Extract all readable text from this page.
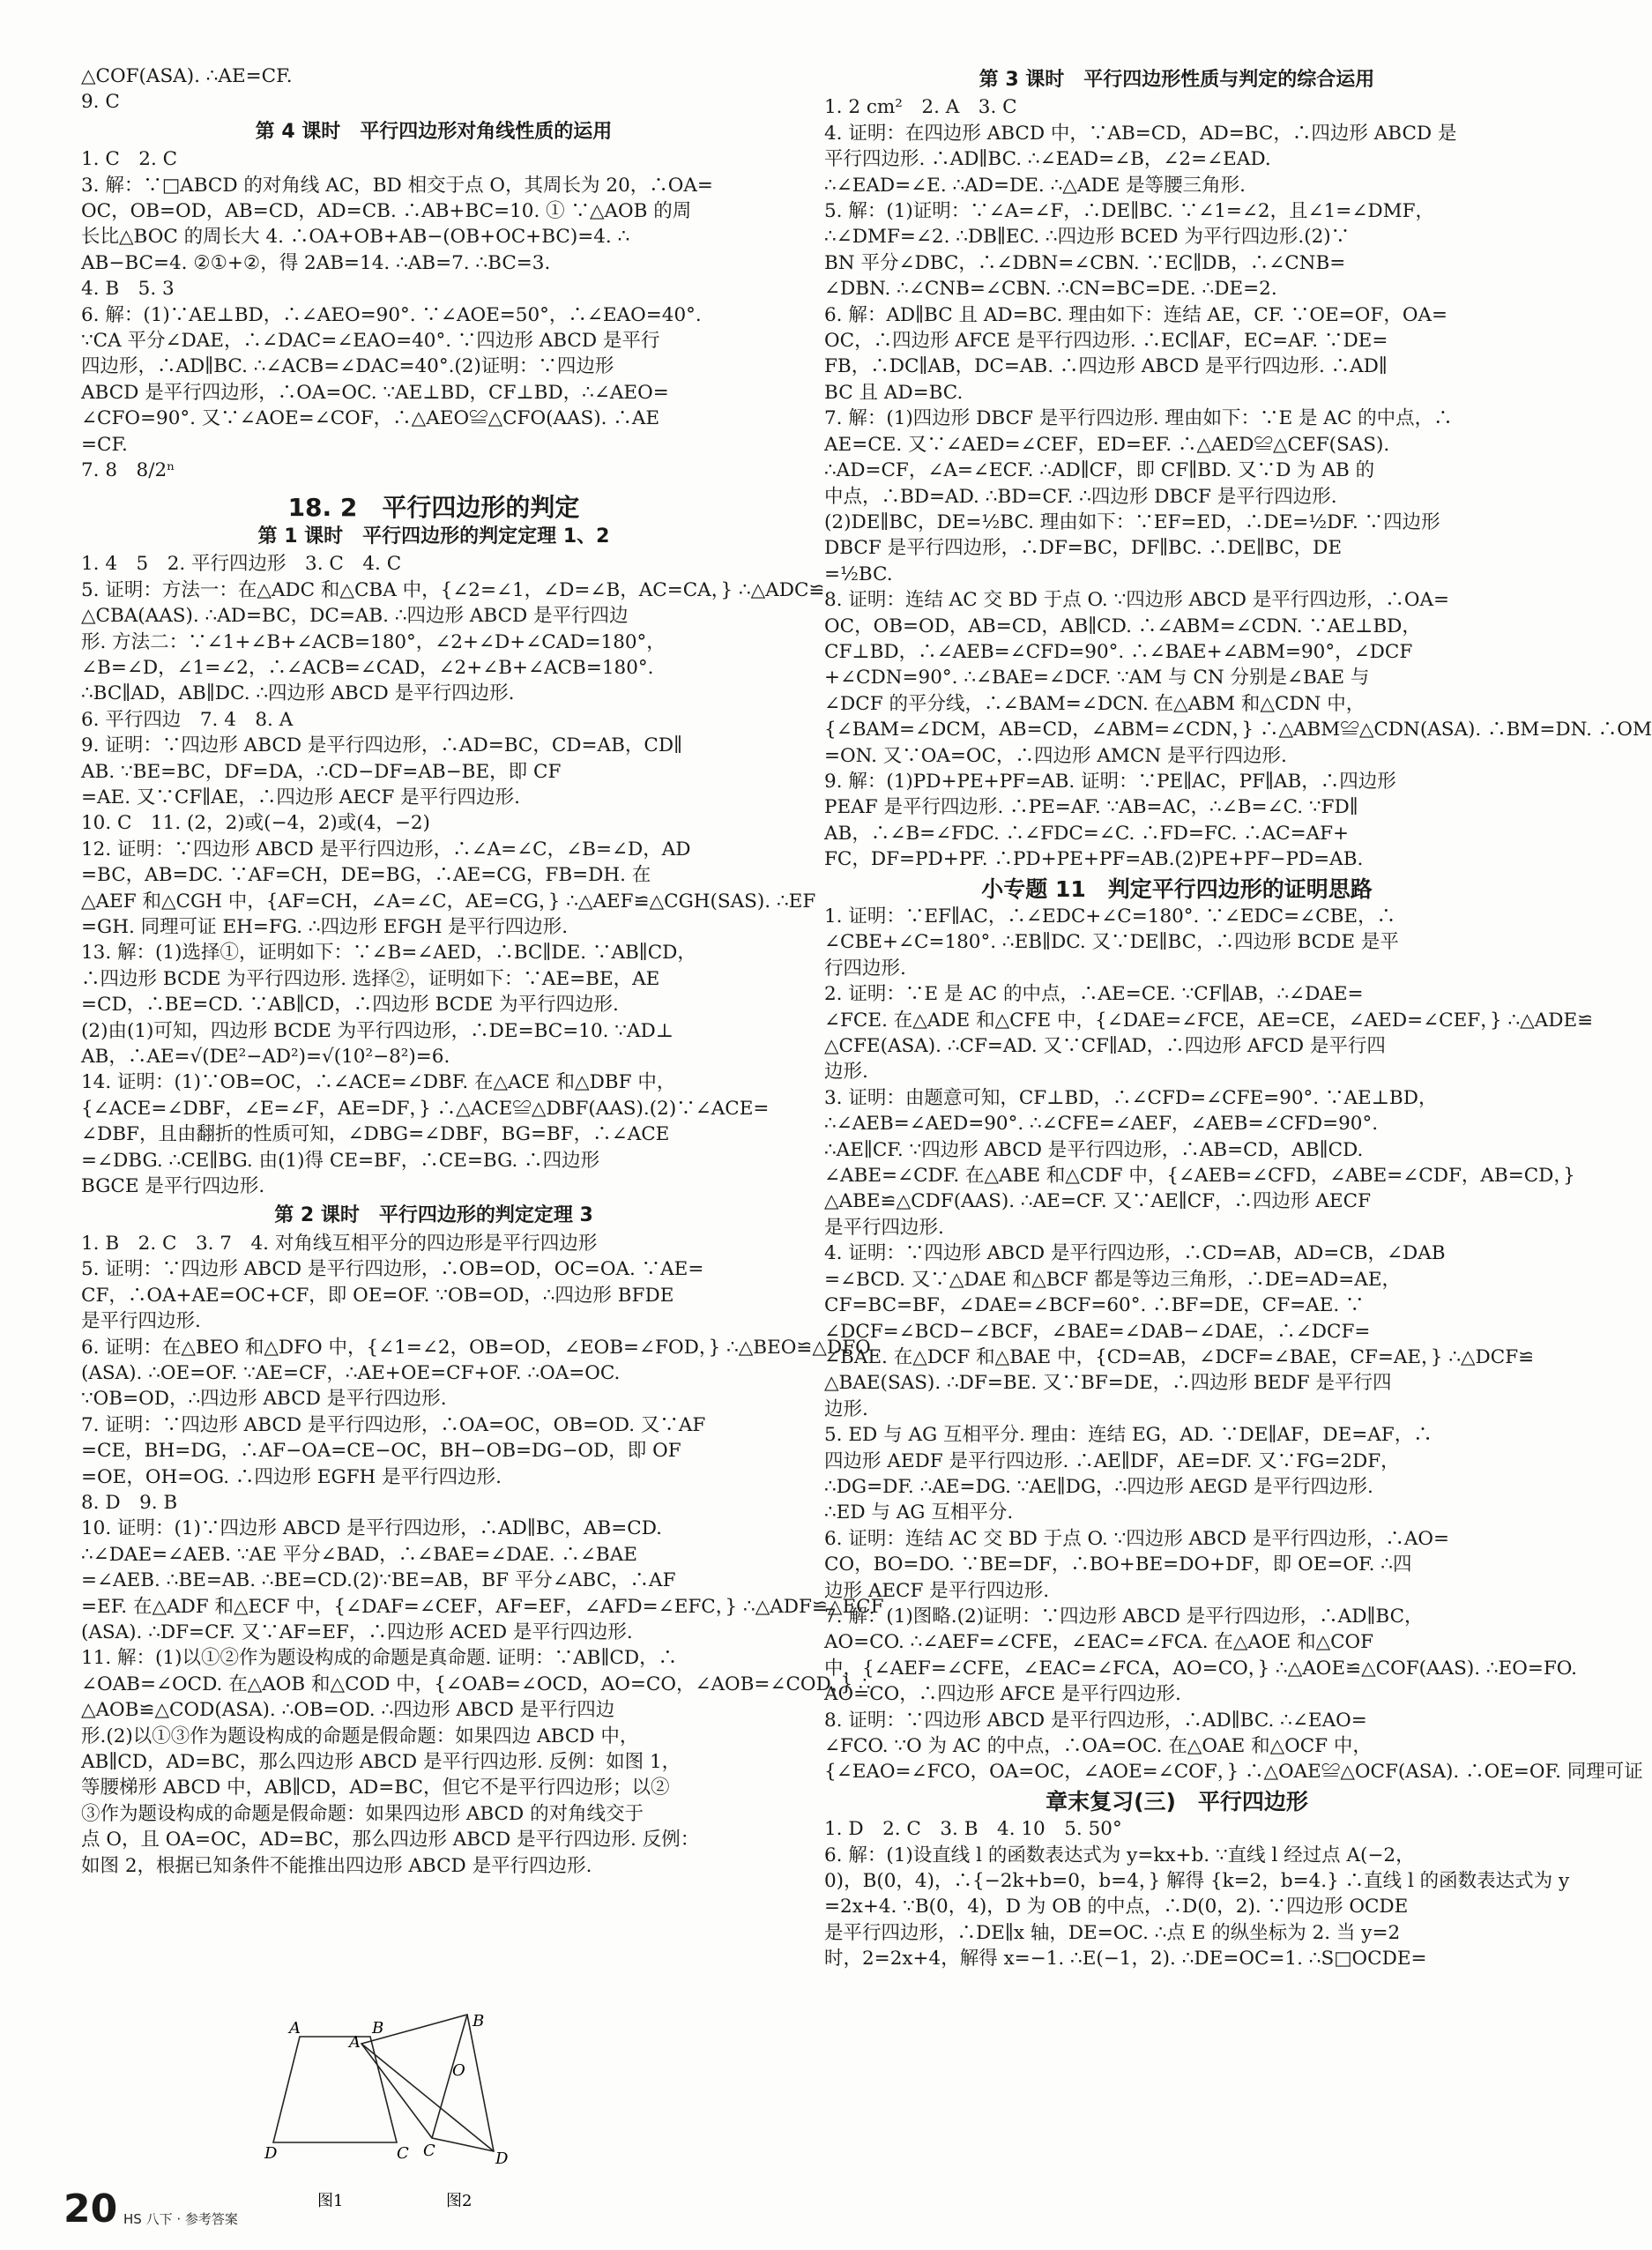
△COF(ASA). ∴AE=CF.
9. C
第 4 课时　平行四边形对角线性质的运用
1. C　2. C
3. 解：∵□ABCD 的对角线 AC，BD 相交于点 O，其周长为 20，∴OA=
OC，OB=OD，AB=CD，AD=CB. ∴AB+BC=10. ① ∵△AOB 的周
长比△BOC 的周长大 4. ∴OA+OB+AB−(OB+OC+BC)=4. ∴
AB−BC=4. ②①+②，得 2AB=14. ∴AB=7. ∴BC=3.
4. B　5. 3
6. 解：(1)∵AE⊥BD，∴∠AEO=90°. ∵∠AOE=50°，∴∠EAO=40°.
∵CA 平分∠DAE，∴∠DAC=∠EAO=40°. ∵四边形 ABCD 是平行
四边形，∴AD∥BC. ∴∠ACB=∠DAC=40°.(2)证明：∵四边形
ABCD 是平行四边形，∴OA=OC. ∵AE⊥BD，CF⊥BD，∴∠AEO=
∠CFO=90°. 又∵∠AOE=∠COF，∴△AEO≌△CFO(AAS). ∴AE
=CF.
7. 8　8/2ⁿ
18. 2　平行四边形的判定
第 1 课时　平行四边形的判定定理 1、2
1. 4　5　2. 平行四边形　3. C　4. C
5. 证明：方法一：在△ADC 和△CBA 中，{∠2=∠1，∠D=∠B，AC=CA，} ∴△ADC≌
△CBA(AAS). ∴AD=BC，DC=AB. ∴四边形 ABCD 是平行四边
形. 方法二：∵∠1+∠B+∠ACB=180°，∠2+∠D+∠CAD=180°，
∠B=∠D，∠1=∠2，∴∠ACB=∠CAD，∠2+∠B+∠ACB=180°.
∴BC∥AD，AB∥DC. ∴四边形 ABCD 是平行四边形.
6. 平行四边　7. 4　8. A
9. 证明：∵四边形 ABCD 是平行四边形，∴AD=BC，CD=AB，CD∥
AB. ∵BE=BC，DF=DA，∴CD−DF=AB−BE，即 CF
=AE. 又∵CF∥AE，∴四边形 AECF 是平行四边形.
10. C　11. (2，2)或(−4，2)或(4，−2)
12. 证明：∵四边形 ABCD 是平行四边形，∴∠A=∠C，∠B=∠D，AD
=BC，AB=DC. ∵AF=CH，DE=BG，∴AE=CG，FB=DH. 在
△AEF 和△CGH 中，{AF=CH，∠A=∠C，AE=CG，} ∴△AEF≌△CGH(SAS). ∴EF
=GH. 同理可证 EH=FG. ∴四边形 EFGH 是平行四边形.
13. 解：(1)选择①，证明如下：∵∠B=∠AED，∴BC∥DE. ∵AB∥CD，
∴四边形 BCDE 为平行四边形. 选择②，证明如下：∵AE=BE，AE
=CD，∴BE=CD. ∵AB∥CD，∴四边形 BCDE 为平行四边形.
(2)由(1)可知，四边形 BCDE 为平行四边形，∴DE=BC=10. ∵AD⊥
AB，∴AE=√(DE²−AD²)=√(10²−8²)=6.
14. 证明：(1)∵OB=OC，∴∠ACE=∠DBF. 在△ACE 和△DBF 中，
{∠ACE=∠DBF，∠E=∠F，AE=DF，} ∴△ACE≌△DBF(AAS).(2)∵∠ACE=
∠DBF，且由翻折的性质可知，∠DBG=∠DBF，BG=BF，∴∠ACE
=∠DBG. ∴CE∥BG. 由(1)得 CE=BF，∴CE=BG. ∴四边形
BGCE 是平行四边形.
第 2 课时　平行四边形的判定定理 3
1. B　2. C　3. 7　4. 对角线互相平分的四边形是平行四边形
5. 证明：∵四边形 ABCD 是平行四边形，∴OB=OD，OC=OA. ∵AE=
CF，∴OA+AE=OC+CF，即 OE=OF. ∵OB=OD，∴四边形 BFDE
是平行四边形.
6. 证明：在△BEO 和△DFO 中，{∠1=∠2，OB=OD，∠EOB=∠FOD，} ∴△BEO≌△DFO
(ASA). ∴OE=OF. ∵AE=CF，∴AE+OE=CF+OF. ∴OA=OC.
∵OB=OD，∴四边形 ABCD 是平行四边形.
7. 证明：∵四边形 ABCD 是平行四边形，∴OA=OC，OB=OD. 又∵AF
=CE，BH=DG，∴AF−OA=CE−OC，BH−OB=DG−OD，即 OF
=OE，OH=OG. ∴四边形 EGFH 是平行四边形.
8. D　9. B
10. 证明：(1)∵四边形 ABCD 是平行四边形，∴AD∥BC，AB=CD.
∴∠DAE=∠AEB. ∵AE 平分∠BAD，∴∠BAE=∠DAE. ∴∠BAE
=∠AEB. ∴BE=AB. ∴BE=CD.(2)∵BE=AB，BF 平分∠ABC，∴AF
=EF. 在△ADF 和△ECF 中，{∠DAF=∠CEF，AF=EF，∠AFD=∠EFC，} ∴△ADF≌△ECF
(ASA). ∴DF=CF. 又∵AF=EF，∴四边形 ACED 是平行四边形.
11. 解：(1)以①②作为题设构成的命题是真命题. 证明：∵AB∥CD，∴
∠OAB=∠OCD. 在△AOB 和△COD 中，{∠OAB=∠OCD，AO=CO，∠AOB=∠COD，} ∴
△AOB≌△COD(ASA). ∴OB=OD. ∴四边形 ABCD 是平行四边
形.(2)以①③作为题设构成的命题是假命题：如果四边 ABCD 中，
AB∥CD，AD=BC，那么四边形 ABCD 是平行四边形. 反例：如图 1，
等腰梯形 ABCD 中，AB∥CD，AD=BC，但它不是平行四边形；以②
③作为题设构成的命题是假命题：如果四边形 ABCD 的对角线交于
点 O，且 OA=OC，AD=BC，那么四边形 ABCD 是平行四边形. 反例：
如图 2，根据已知条件不能推出四边形 ABCD 是平行四边形.
A	B
C
D
图1
B
A
O
C	D
图2
第 3 课时　平行四边形性质与判定的综合运用
1. 2 cm²　2. A　3. C
4. 证明：在四边形 ABCD 中，∵AB=CD，AD=BC，∴四边形 ABCD 是
平行四边形. ∴AD∥BC. ∴∠EAD=∠B，∠2=∠EAD.
∴∠EAD=∠E. ∴AD=DE. ∴△ADE 是等腰三角形.
5. 解：(1)证明：∵∠A=∠F，∴DE∥BC. ∵∠1=∠2，且∠1=∠DMF，
∴∠DMF=∠2. ∴DB∥EC. ∴四边形 BCED 为平行四边形.(2)∵
BN 平分∠DBC，∴∠DBN=∠CBN. ∵EC∥DB，∴∠CNB=
∠DBN. ∴∠CNB=∠CBN. ∴CN=BC=DE. ∴DE=2.
6. 解：AD∥BC 且 AD=BC. 理由如下：连结 AE，CF. ∵OE=OF，OA=
OC，∴四边形 AFCE 是平行四边形. ∴EC∥AF，EC=AF. ∵DE=
FB，∴DC∥AB，DC=AB. ∴四边形 ABCD 是平行四边形. ∴AD∥
BC 且 AD=BC.
7. 解：(1)四边形 DBCF 是平行四边形. 理由如下：∵E 是 AC 的中点，∴
AE=CE. 又∵∠AED=∠CEF，ED=EF. ∴△AED≌△CEF(SAS).
∴AD=CF，∠A=∠ECF. ∴AD∥CF，即 CF∥BD. 又∵D 为 AB 的
中点，∴BD=AD. ∴BD=CF. ∴四边形 DBCF 是平行四边形.
(2)DE∥BC，DE=½BC. 理由如下：∵EF=ED，∴DE=½DF. ∵四边形
DBCF 是平行四边形，∴DF=BC，DF∥BC. ∴DE∥BC，DE
=½BC.
8. 证明：连结 AC 交 BD 于点 O. ∵四边形 ABCD 是平行四边形，∴OA=
OC，OB=OD，AB=CD，AB∥CD. ∴∠ABM=∠CDN. ∵AE⊥BD，
CF⊥BD，∴∠AEB=∠CFD=90°. ∴∠BAE+∠ABM=90°，∠DCF
+∠CDN=90°. ∴∠BAE=∠DCF. ∵AM 与 CN 分别是∠BAE 与
∠DCF 的平分线，∴∠BAM=∠DCN. 在△ABM 和△CDN 中，
{∠BAM=∠DCM，AB=CD，∠ABM=∠CDN，} ∴△ABM≌△CDN(ASA). ∴BM=DN. ∴OM
=ON. 又∵OA=OC，∴四边形 AMCN 是平行四边形.
9. 解：(1)PD+PE+PF=AB. 证明：∵PE∥AC，PF∥AB，∴四边形
PEAF 是平行四边形. ∴PE=AF. ∵AB=AC，∴∠B=∠C. ∵FD∥
AB，∴∠B=∠FDC. ∴∠FDC=∠C. ∴FD=FC. ∴AC=AF+
FC，DF=PD+PF. ∴PD+PE+PF=AB.(2)PE+PF−PD=AB.
小专题 11　判定平行四边形的证明思路
1. 证明：∵EF∥AC，∴∠EDC+∠C=180°. ∵∠EDC=∠CBE，∴
∠CBE+∠C=180°. ∴EB∥DC. 又∵DE∥BC，∴四边形 BCDE 是平
行四边形.
2. 证明：∵E 是 AC 的中点，∴AE=CE. ∵CF∥AB，∴∠DAE=
∠FCE. 在△ADE 和△CFE 中，{∠DAE=∠FCE，AE=CE，∠AED=∠CEF，} ∴△ADE≌
△CFE(ASA). ∴CF=AD. 又∵CF∥AD，∴四边形 AFCD 是平行四
边形.
3. 证明：由题意可知，CF⊥BD，∴∠CFD=∠CFE=90°. ∵AE⊥BD，
∴∠AEB=∠AED=90°. ∴∠CFE=∠AEF，∠AEB=∠CFD=90°.
∴AE∥CF. ∵四边形 ABCD 是平行四边形，∴AB=CD，AB∥CD.
∠ABE=∠CDF. 在△ABE 和△CDF 中，{∠AEB=∠CFD，∠ABE=∠CDF，AB=CD，}
△ABE≌△CDF(AAS). ∴AE=CF. 又∵AE∥CF，∴四边形 AECF
是平行四边形.
4. 证明：∵四边形 ABCD 是平行四边形，∴CD=AB，AD=CB，∠DAB
=∠BCD. 又∵△DAE 和△BCF 都是等边三角形，∴DE=AD=AE，
CF=BC=BF，∠DAE=∠BCF=60°. ∴BF=DE，CF=AE. ∵
∠DCF=∠BCD−∠BCF，∠BAE=∠DAB−∠DAE，∴∠DCF=
∠BAE. 在△DCF 和△BAE 中，{CD=AB，∠DCF=∠BAE，CF=AE，} ∴△DCF≌
△BAE(SAS). ∴DF=BE. 又∵BF=DE，∴四边形 BEDF 是平行四
边形.
5. ED 与 AG 互相平分. 理由：连结 EG，AD. ∵DE∥AF，DE=AF，∴
四边形 AEDF 是平行四边形. ∴AE∥DF，AE=DF. 又∵FG=2DF，
∴DG=DF. ∴AE=DG. ∵AE∥DG，∴四边形 AEGD 是平行四边形.
∴ED 与 AG 互相平分.
6. 证明：连结 AC 交 BD 于点 O. ∵四边形 ABCD 是平行四边形，∴AO=
CO，BO=DO. ∵BE=DF，∴BO+BE=DO+DF，即 OE=OF. ∴四
边形 AECF 是平行四边形.
7. 解：(1)图略.(2)证明：∵四边形 ABCD 是平行四边形，∴AD∥BC，
AO=CO. ∴∠AEF=∠CFE，∠EAC=∠FCA. 在△AOE 和△COF
中，{∠AEF=∠CFE，∠EAC=∠FCA，AO=CO，} ∴△AOE≌△COF(AAS). ∴EO=FO.
AO=CO，∴四边形 AFCE 是平行四边形.
8. 证明：∵四边形 ABCD 是平行四边形，∴AD∥BC. ∴∠EAO=
∠FCO. ∵O 为 AC 的中点，∴OA=OC. 在△OAE 和△OCF 中，
{∠EAO=∠FCO，OA=OC，∠AOE=∠COF，} ∴△OAE≌△OCF(ASA). ∴OE=OF. 同理可证
章末复习(三)　平行四边形
1. D　2. C　3. B　4. 10　5. 50°
6. 解：(1)设直线 l 的函数表达式为 y=kx+b. ∵直线 l 经过点 A(−2，
0)，B(0，4)，∴{−2k+b=0，b=4，} 解得 {k=2，b=4.} ∴直线 l 的函数表达式为 y
=2x+4. ∵B(0，4)，D 为 OB 的中点，∴D(0，2). ∵四边形 OCDE
是平行四边形，∴DE∥x 轴，DE=OC. ∴点 E 的纵坐标为 2. 当 y=2
时，2=2x+4，解得 x=−1. ∴E(−1，2). ∴DE=OC=1. ∴S□OCDE=
20 HS 八下 · 参考答案
